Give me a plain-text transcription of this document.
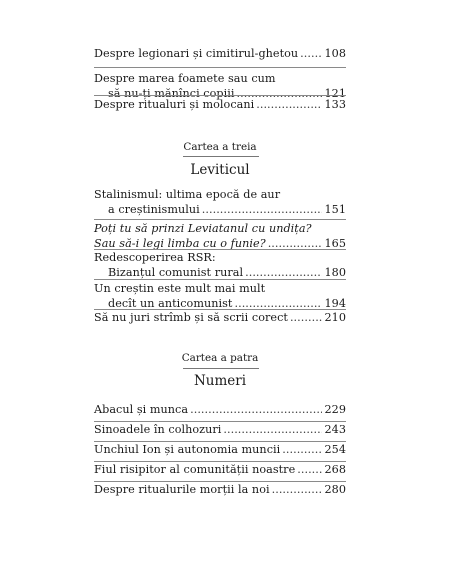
Despre legionari și cimitirul-ghetou ..... 108
Despre marea foamete sau cum
să nu-ți mănînci copiii .....	121
Despre ritualuri și molocani .....	133
Cartea a treia
Leviticul
Stalinismul: ultima epocă de aur
a creștinismului .....	151
Poți tu să prinzi Leviatanul cu undița?
Sau să-i legi limba cu o funie? .....	165
Redescoperirea RSR:
Bizanțul comunist rural .....	180
Un creștin este mult mai mult
decît un anticomunist .....	194
Să nu juri strîmb și să scrii corect .....	210
Cartea a patra
Numeri
Abacul și munca .....	229
Sinoadele în colhozuri .....	243
Unchiul Ion și autonomia muncii .....	254
Fiul risipitor al comunității noastre .....	268
Despre ritualurile morții la noi .....	280
